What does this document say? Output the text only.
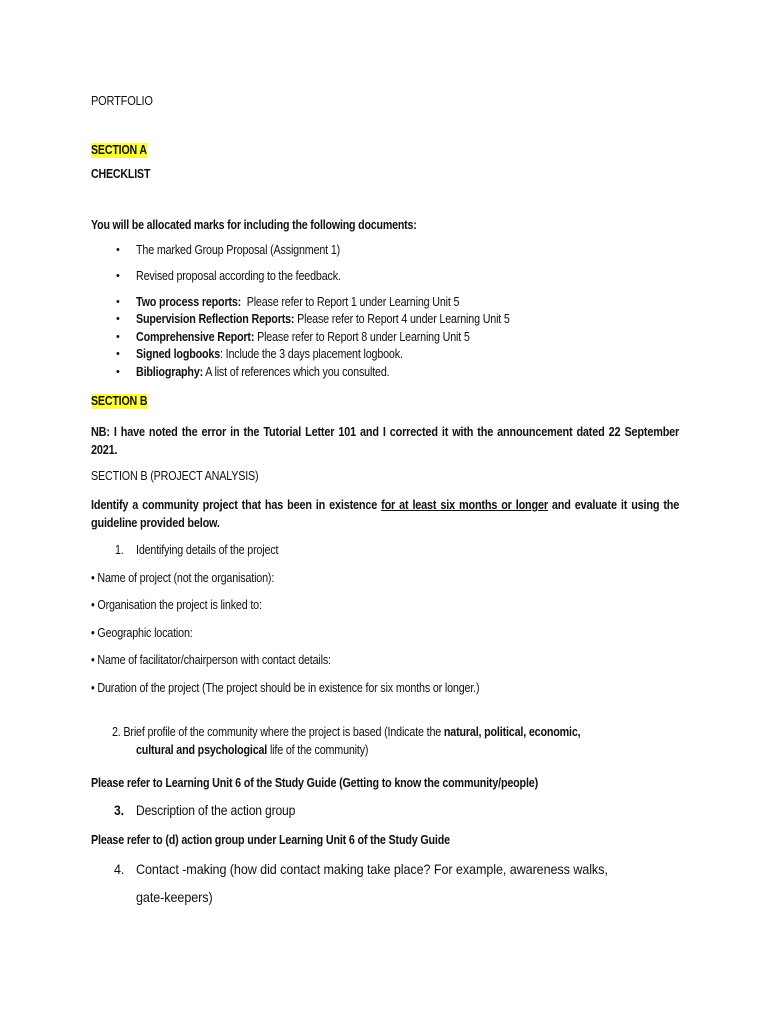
PORTFOLIO
SECTION A
CHECKLIST
You will be allocated marks for including the following documents:
• The marked Group Proposal (Assignment 1)
• Revised proposal according to the feedback.
• Two process reports:  Please refer to Report 1 under Learning Unit 5
• Supervision Reflection Reports: Please refer to Report 4 under Learning Unit 5
• Comprehensive Report: Please refer to Report 8 under Learning Unit 5
• Signed logbooks: Include the 3 days placement logbook.
• Bibliography: A list of references which you consulted.
SECTION B
NB: I have noted the error in the Tutorial Letter 101 and I corrected it with the announcement dated 22 September 2021.
SECTION B (PROJECT ANALYSIS)
Identify a community project that has been in existence for at least six months or longer and evaluate it using the guideline provided below.
1. Identifying details of the project
• Name of project (not the organisation):
• Organisation the project is linked to:
• Geographic location:
• Name of facilitator/chairperson with contact details:
• Duration of the project (The project should be in existence for six months or longer.)
2. Brief profile of the community where the project is based (Indicate the natural, political, economic,
cultural and psychological life of the community)
Please refer to Learning Unit 6 of the Study Guide (Getting to know the community/people)
3. Description of the action group
Please refer to (d) action group under Learning Unit 6 of the Study Guide
4. Contact -making (how did contact making take place? For example, awareness walks,
gate-keepers)
